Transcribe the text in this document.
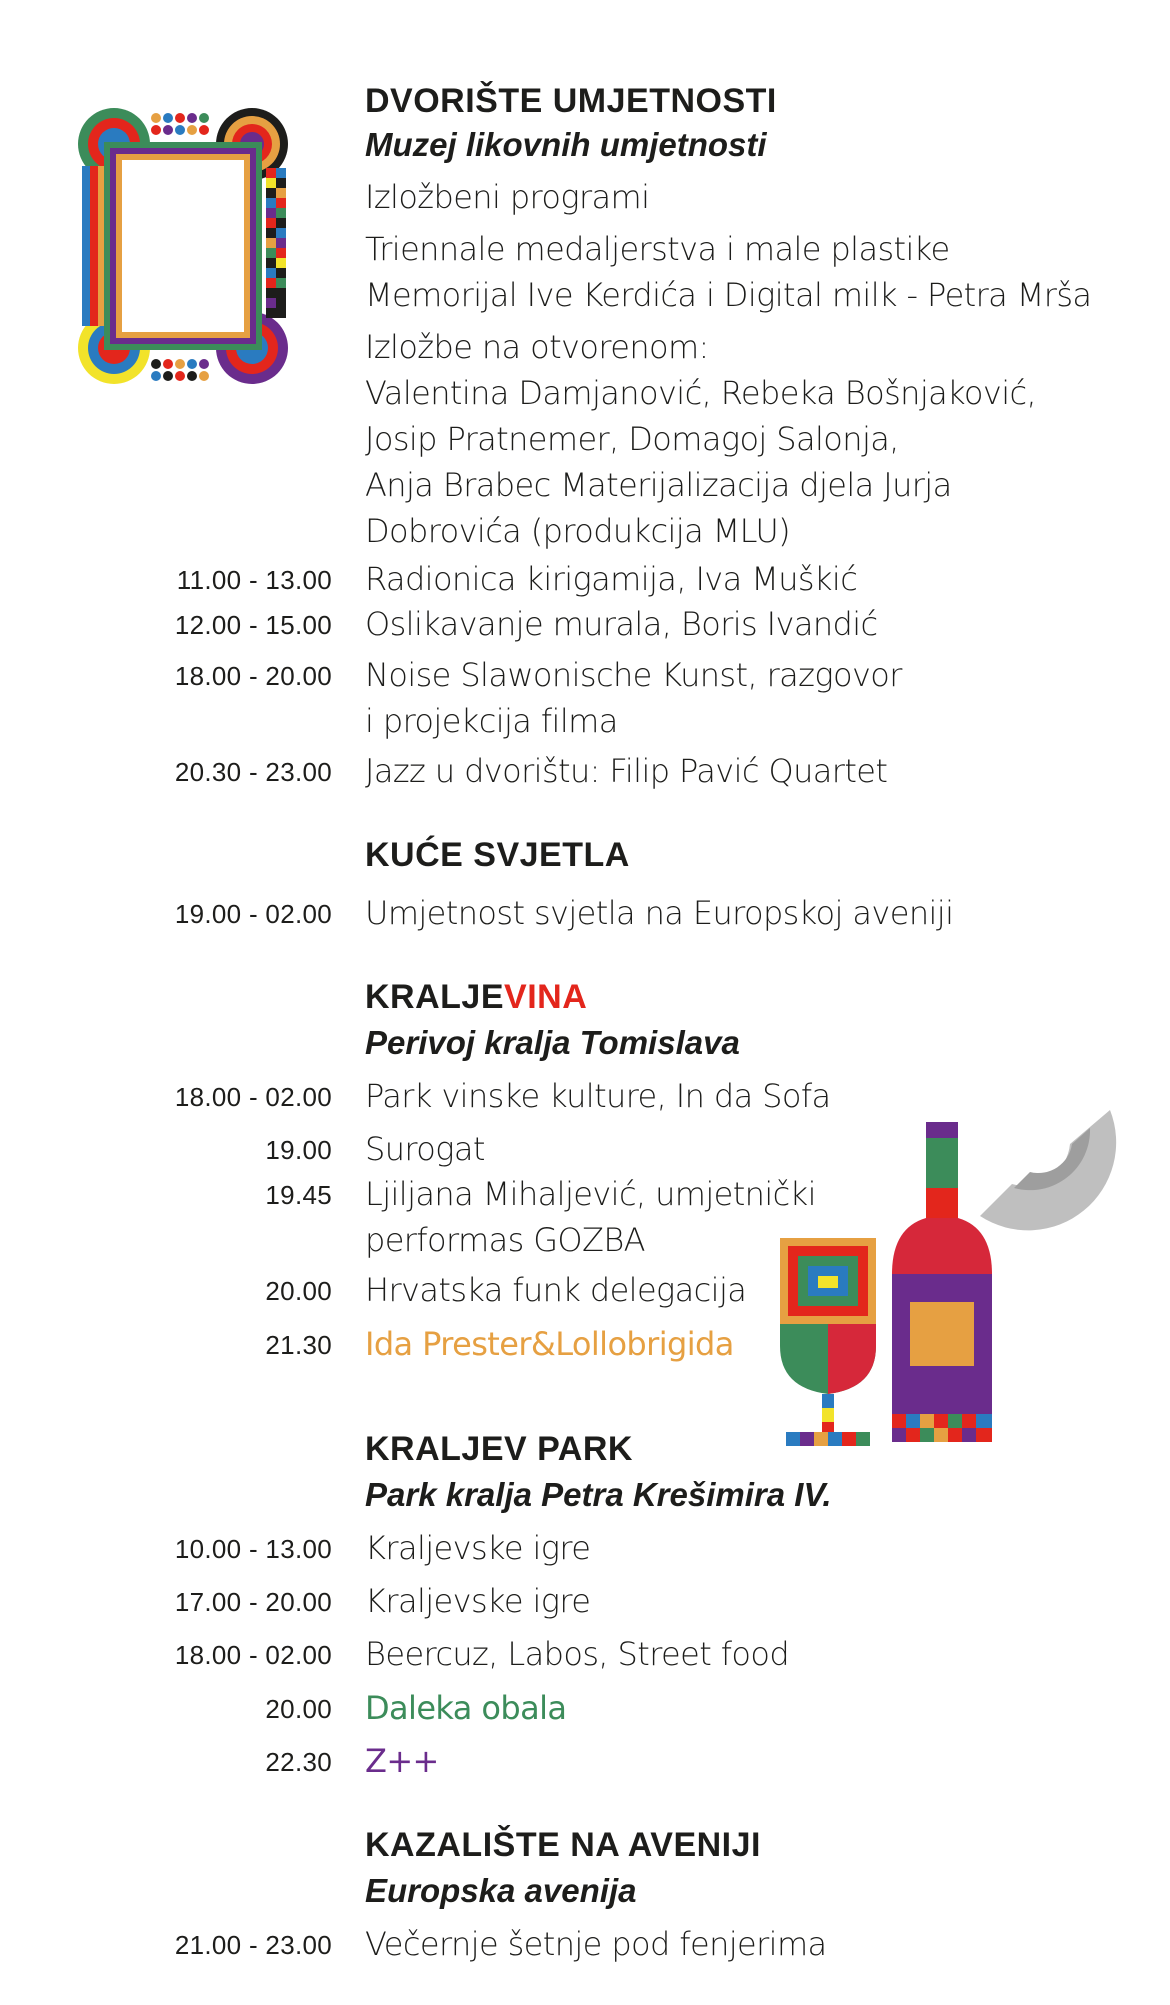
DVORIŠTE UMJETNOSTI
Muzej likovnih umjetnosti
Izložbeni programi
Triennale medaljerstva i male plastike
Memorijal Ive Kerdića i Digital milk - Petra Mrša
Izložbe na otvorenom:
Valentina Damjanović, Rebeka Bošnjaković,
Josip Pratnemer, Domagoj Salonja,
Anja Brabec Materijalizacija djela Jurja
Dobrovića (produkcija MLU)
11.00 - 13.00 Radionica kirigamija, Iva Muškić
12.00 - 15.00 Oslikavanje murala, Boris Ivandić
18.00 - 20.00 Noise Slawonische Kunst, razgovor
i projekcija filma
20.30 - 23.00 Jazz u dvorištu: Filip Pavić Quartet
KUĆE SVJETLA
19.00 - 02.00 Umjetnost svjetla na Europskoj aveniji
KRALJEVINA
Perivoj kralja Tomislava
18.00 - 02.00 Park vinske kulture, In da Sofa
19.00 Surogat
19.45 Ljiljana Mihaljević, umjetnički
performas GOZBA
20.00 Hrvatska funk delegacija
21.30 Ida Prester&Lollobrigida
KRALJEV PARK
Park kralja Petra Krešimira IV.
10.00 - 13.00 Kraljevske igre
17.00 - 20.00 Kraljevske igre
18.00 - 02.00 Beercuz, Labos, Street food
20.00 Daleka obala
22.30 Z++
KAZALIŠTE NA AVENIJI
Europska avenija
21.00 - 23.00 Večernje šetnje pod fenjerima
